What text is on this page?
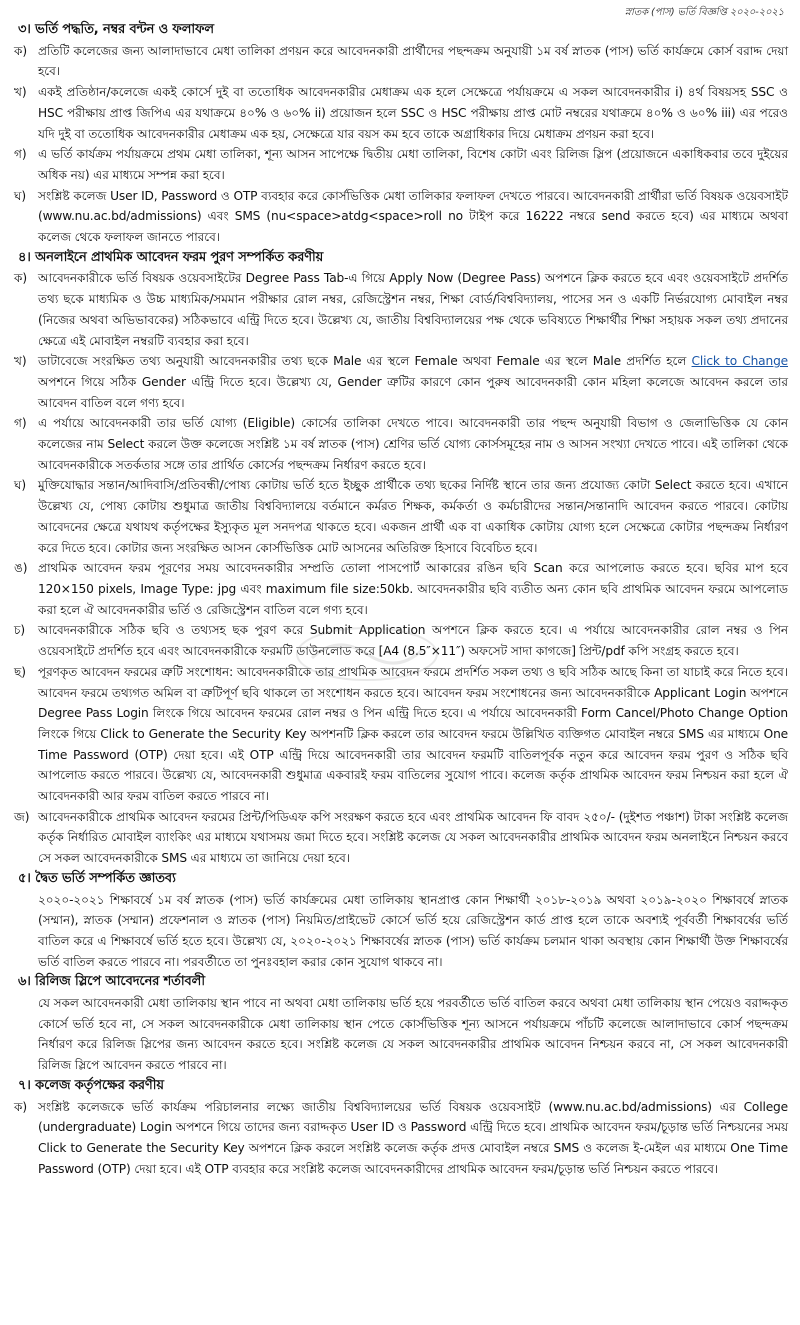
স্নাতক (পাস) ভর্তি বিজ্ঞপ্তি ২০২০-২০২১
৩। ভর্তি পদ্ধতি, নম্বর বন্টন ও ফলাফল
ক) প্রতিটি কলেজের জন্য আলাদাভাবে মেধা তালিকা প্রণয়ন করে আবেদনকারী প্রার্থীদের পছন্দক্রম অনুযায়ী ১ম বর্ষ স্নাতক (পাস) ভর্তি কার্যক্রমে কোর্স বরাদ্দ দেয়া হবে।
খ) একই প্রতিষ্ঠান/কলেজে একই কোর্সে দুই বা ততোধিক আবেদনকারীর মেধাক্রম এক হলে সেক্ষেত্রে পর্যায়ক্রমে এ সকল আবেদনকারীর i) ৪র্থ বিষয়সহ SSC ও HSC পরীক্ষায় প্রাপ্ত জিপিএ এর যথাক্রমে ৪০% ও ৬০% ii) প্রয়োজন হলে SSC ও HSC পরীক্ষায় প্রাপ্ত মোট নম্বরের যথাক্রমে ৪০% ও ৬০% iii) এর পরেও যদি দুই বা ততোধিক আবেদনকারীর মেধাক্রম এক হয়, সেক্ষেত্রে যার বয়স কম হবে তাকে অগ্রাধিকার দিয়ে মেধাক্রম প্রণয়ন করা হবে।
গ) এ ভর্তি কার্যক্রম পর্যায়ক্রমে প্রথম মেধা তালিকা, শূন্য আসন সাপেক্ষে দ্বিতীয় মেধা তালিকা, বিশেষ কোটা এবং রিলিজ স্লিপ (প্রয়োজনে একাধিকবার তবে দুইয়ের অধিক নয়) এর মাধ্যমে সম্পন্ন করা হবে।
ঘ) সংশ্লিষ্ট কলেজ User ID, Password ও OTP ব্যবহার করে কোর্সভিত্তিক মেধা তালিকার ফলাফল দেখতে পারবে। আবেদনকারী প্রার্থীরা ভর্তি বিষয়ক ওয়েবসাইট (www.nu.ac.bd/admissions) এবং SMS (nu<space>atdg<space>roll no টাইপ করে 16222 নম্বরে send করতে হবে) এর মাধ্যমে অথবা কলেজ থেকে ফলাফল জানতে পারবে।
৪। অনলাইনে প্রাথমিক আবেদন ফরম পুরণ সম্পর্কিত করণীয়
ক) আবেদনকারীকে ভর্তি বিষয়ক ওয়েবসাইটের Degree Pass Tab-এ গিয়ে Apply Now (Degree Pass) অপশনে ক্লিক করতে হবে এবং ওয়েবসাইটে প্রদর্শিত তথ্য ছকে মাধ্যমিক ও উচ্চ মাধ্যমিক/সমমান পরীক্ষার রোল নম্বর, রেজিস্ট্রেশন নম্বর, শিক্ষা বোর্ড/বিশ্ববিদ্যালয়, পাসের সন ও একটি নির্ভরযোগ্য মোবাইল নম্বর (নিজের অথবা অভিভাবকের) সঠিকভাবে এন্ট্রি দিতে হবে। উল্লেখ্য যে, জাতীয় বিশ্ববিদ্যালয়ের পক্ষ থেকে ভবিষ্যতে শিক্ষার্থীর শিক্ষা সহায়ক সকল তথ্য প্রদানের ক্ষেত্রে এই মোবাইল নম্বরটি ব্যবহার করা হবে।
খ) ডাটাবেজে সংরক্ষিত তথ্য অনুযায়ী আবেদনকারীর তথ্য ছকে Male এর স্থলে Female অথবা Female এর স্থলে Male প্রদর্শিত হলে Click to Change অপশনে গিয়ে সঠিক Gender এন্ট্রি দিতে হবে। উল্লেখ্য যে, Gender ত্রুটির কারণে কোন পুরুষ আবেদনকারী কোন মহিলা কলেজে আবেদন করলে তার আবেদন বাতিল বলে গণ্য হবে।
গ) এ পর্যায়ে আবেদনকারী তার ভর্তি যোগ্য (Eligible) কোর্সের তালিকা দেখতে পাবে। আবেদনকারী তার পছন্দ অনুযায়ী বিভাগ ও জেলাভিত্তিক যে কোন কলেজের নাম Select করলে উক্ত কলেজে সংশ্লিষ্ট ১ম বর্ষ স্নাতক (পাস) শ্রেণির ভর্তি যোগ্য কোর্সসমূহের নাম ও আসন সংখ্যা দেখতে পাবে। এই তালিকা থেকে আবেদনকারীকে সতর্কতার সঙ্গে তার প্রার্থিত কোর্সের পছন্দক্রম নির্ধারণ করতে হবে।
ঘ) মুক্তিযোদ্ধার সন্তান/আদিবাসি/প্রতিবন্ধী/পোষ্য কোটায় ভর্তি হতে ইচ্ছুক প্রার্থীকে তথ্য ছকের নির্দিষ্ট স্থানে তার জন্য প্রযোজ্য কোটা Select করতে হবে। এখানে উল্লেখ্য যে, পোষ্য কোটায় শুধুমাত্র জাতীয় বিশ্ববিদ্যালয়ে বর্তমানে কর্মরত শিক্ষক, কর্মকর্তা ও কর্মচারীদের সন্তান/সন্তানাদি আবেদন করতে পারবে। কোটায় আবেদনের ক্ষেত্রে যথাযথ কর্তৃপক্ষের ইস্যুকৃত মূল সনদপত্র থাকতে হবে। একজন প্রার্থী এক বা একাধিক কোটায় যোগ্য হলে সেক্ষেত্রে কোটার পছন্দক্রম নির্ধারণ করে দিতে হবে। কোটার জন্য সংরক্ষিত আসন কোর্সভিত্তিক মোট আসনের অতিরিক্ত হিসাবে বিবেচিত হবে।
ঙ) প্রাথমিক আবেদন ফরম পূরণের সময় আবেদনকারীর সম্প্রতি তোলা পাসপোর্ট আকারের রঙিন ছবি Scan করে আপলোড করতে হবে। ছবির মাপ হবে 120×150 pixels, Image Type: jpg এবং maximum file size:50kb. আবেদনকারীর ছবি ব্যতীত অন্য কোন ছবি প্রাথমিক আবেদন ফরমে আপলোড করা হলে ঐ আবেদনকারীর ভর্তি ও রেজিস্ট্রেশন বাতিল বলে গণ্য হবে।
চ)	আবেদনকারীকে সঠিক ছবি ও তথ্যসহ ছক পুরণ করে Submit Application অপশনে ক্লিক করতে হবে। এ পর্যায়ে আবেদনকারীর রোল নম্বর ও পিন ওয়েবসাইটে প্রদর্শিত হবে এবং আবেদনকারীকে ফরমটি ডাউনলোড করে [A4 (8.5″×11″) অফসেট সাদা কাগজে] প্রিন্ট/pdf কপি সংগ্রহ করতে হবে।
ছ) পূরণকৃত আবেদন ফরমের ত্রুটি সংশোধন: আবেদনকারীকে তার প্রাথমিক আবেদন ফরমে প্রদর্শিত সকল তথ্য ও ছবি সঠিক আছে কিনা তা যাচাই করে নিতে হবে। আবেদন ফরমে তথ্যগত অমিল বা ত্রুটিপূর্ণ ছবি থাকলে তা সংশোধন করতে হবে। আবেদন ফরম সংশোধনের জন্য আবেদনকারীকে Applicant Login অপশনে Degree Pass Login লিংকে গিয়ে আবেদন ফরমের রোল নম্বর ও পিন এন্ট্রি দিতে হবে। এ পর্যায়ে আবেদনকারী Form Cancel/Photo Change Option লিংকে গিয়ে Click to Generate the Security Key অপশনটি ক্লিক করলে তার আবেদন ফরমে উল্লিখিত ব্যক্তিগত মোবাইল নম্বরে SMS এর মাধ্যমে One Time Password (OTP) দেয়া হবে। এই OTP এন্ট্রি দিয়ে আবেদনকারী তার আবেদন ফরমটি বাতিলপূর্বক নতুন করে আবেদন ফরম পুরণ ও সঠিক ছবি আপলোড করতে পারবে। উল্লেখ্য যে, আবেদনকারী শুধুমাত্র একবারই ফরম বাতিলের সুযোগ পাবে। কলেজ কর্তৃক প্রাথমিক আবেদন ফরম নিশ্চয়ন করা হলে ঐ আবেদনকারী আর ফরম বাতিল করতে পারবে না।
জ) আবেদনকারীকে প্রাথমিক আবেদন ফরমের প্রিন্ট/পিডিএফ কপি সংরক্ষণ করতে হবে এবং প্রাথমিক আবেদন ফি বাবদ ২৫০/- (দুইশত পঞ্চাশ) টাকা সংশ্লিষ্ট কলেজ কর্তৃক নির্ধারিত মোবাইল ব্যাংকিং এর মাধ্যমে যথাসময় জমা দিতে হবে। সংশ্লিষ্ট কলেজ যে সকল আবেদনকারীর প্রাথমিক আবেদন ফরম অনলাইনে নিশ্চয়ন করবে সে সকল আবেদনকারীকে SMS এর মাধ্যমে তা জানিয়ে দেয়া হবে।
৫। দ্বৈত ভর্তি সম্পর্কিত জ্ঞাতব্য
২০২০-২০২১ শিক্ষাবর্ষে ১ম বর্ষ স্নাতক (পাস) ভর্তি কার্যক্রমের মেধা তালিকায় স্থানপ্রাপ্ত কোন শিক্ষার্থী ২০১৮-২০১৯ অথবা ২০১৯-২০২০ শিক্ষাবর্ষে স্নাতক (সম্মান), স্নাতক (সম্মান) প্রফেশনাল ও স্নাতক (পাস) নিয়মিত/প্রাইভেট কোর্সে ভর্তি হয়ে রেজিস্ট্রেশন কার্ড প্রাপ্ত হলে তাকে অবশ্যই পূর্ববর্তী শিক্ষাবর্ষের ভর্তি বাতিল করে এ শিক্ষাবর্ষে ভর্তি হতে হবে। উল্লেখ্য যে, ২০২০-২০২১ শিক্ষাবর্ষের স্নাতক (পাস) ভর্তি কার্যক্রম চলমান থাকা অবস্থায় কোন শিক্ষার্থী উক্ত শিক্ষাবর্ষের ভর্তি বাতিল করতে পারবে না। পরবর্তীতে তা পুনঃবহাল করার কোন সুযোগ থাকবে না।
৬। রিলিজ স্লিপে আবেদনের শর্তাবলী
যে সকল আবেদনকারী মেধা তালিকায় স্থান পাবে না অথবা মেধা তালিকায় ভর্তি হয়ে পরবর্তীতে ভর্তি বাতিল করবে অথবা মেধা তালিকায় স্থান পেয়েও বরাদ্দকৃত কোর্সে ভর্তি হবে না, সে সকল আবেদনকারীকে মেধা তালিকায় স্থান পেতে কোর্সভিত্তিক শূন্য আসনে পর্যায়ক্রমে পাঁচটি কলেজে আলাদাভাবে কোর্স পছন্দক্রম নির্ধারণ করে রিলিজ স্লিপের জন্য আবেদন করতে হবে। সংশ্লিষ্ট কলেজ যে সকল আবেদনকারীর প্রাথমিক আবেদন নিশ্চয়ন করবে না, সে সকল আবেদনকারী রিলিজ স্লিপে আবেদন করতে পারবে না।
৭। কলেজ কর্তৃপক্ষের করণীয়
ক) সংশ্লিষ্ট কলেজকে ভর্তি কার্যক্রম পরিচালনার লক্ষ্যে জাতীয় বিশ্ববিদ্যালয়ের ভর্তি বিষয়ক ওয়েবসাইট (www.nu.ac.bd/admissions) এর College (undergraduate) Login অপশনে গিয়ে তাদের জন্য বরাদ্দকৃত User ID ও Password এন্ট্রি দিতে হবে। প্রাথমিক আবেদন ফরম/চূড়ান্ত ভর্তি নিশ্চয়নের সময় Click to Generate the Security Key অপশনে ক্লিক করলে সংশ্লিষ্ট কলেজ কর্তৃক প্রদত্ত মোবাইল নম্বরে SMS ও কলেজ ই-মেইল এর মাধ্যমে One Time Password (OTP) দেয়া হবে। এই OTP ব্যবহার করে সংশ্লিষ্ট কলেজ আবেদনকারীদের প্রাথমিক আবেদন ফরম/চূড়ান্ত ভর্তি নিশ্চয়ন করতে পারবে।
